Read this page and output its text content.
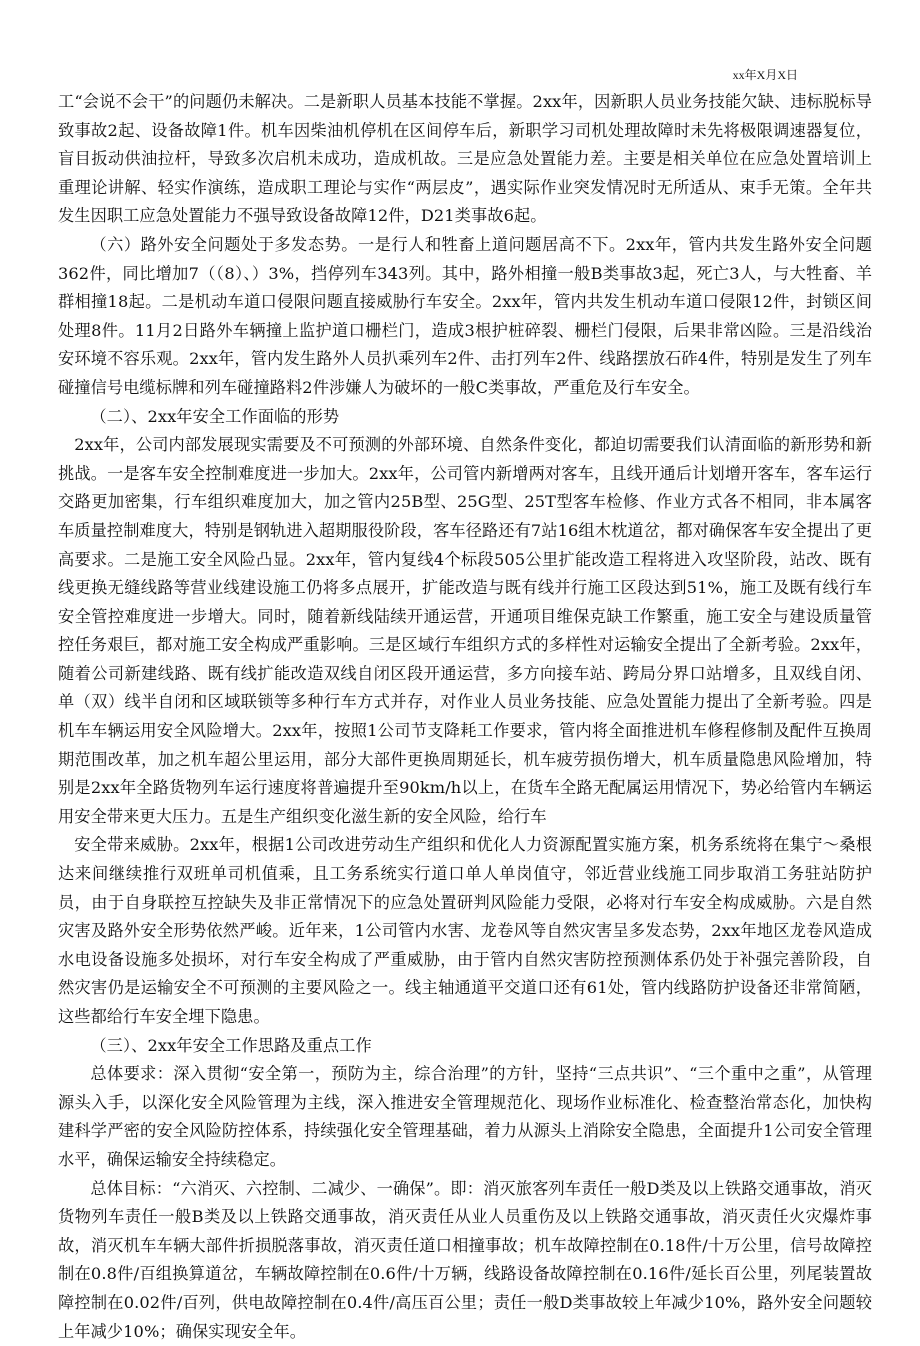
xx年X月X日

工“会说不会干”的问题仍未解决。二是新职人员基本技能不掌握。2xx年，因新职人员业务技能欠缺、违标脱标导致事故2起、设备故障1件。机车因柴油机停机在区间停车后，新职学习司机处理故障时未先将极限调速器复位，盲目扳动供油拉杆，导致多次启机未成功，造成机故。三是应急处置能力差。主要是相关单位在应急处置培训上重理论讲解、轻实作演练，造成职工理论与实作“两层皮”，遇实际作业突发情况时无所适从、束手无策。全年共发生因职工应急处置能力不强导致设备故障12件，D21类事故6起。

（六）路外安全问题处于多发态势。一是行人和牲畜上道问题居高不下。2xx年，管内共发生路外安全问题362件，同比增加7（（8）、）3%，挡停列车343列。其中，路外相撞一般B类事故3起，死亡3人，与大牲畜、羊群相撞18起。二是机动车道口侵限问题直接威胁行车安全。2xx年，管内共发生机动车道口侵限12件，封锁区间处理8件。11月2日路外车辆撞上监护道口栅栏门，造成3根护桩碎裂、栅栏门侵限，后果非常凶险。三是沿线治安环境不容乐观。2xx年，管内发生路外人员扒乘列车2件、击打列车2件、线路摆放石砟4件，特别是发生了列车碰撞信号电缆标牌和列车碰撞路料2件涉嫌人为破坏的一般C类事故，严重危及行车安全。

（二）、2xx年安全工作面临的形势

2xx年，公司内部发展现实需要及不可预测的外部环境、自然条件变化，都迫切需要我们认清面临的新形势和新挑战。一是客车安全控制难度进一步加大。2xx年，公司管内新增两对客车，且线开通后计划增开客车，客车运行交路更加密集，行车组织难度加大，加之管内25B型、25G型、25T型客车检修、作业方式各不相同，非本属客车质量控制难度大，特别是钢轨进入超期服役阶段，客车径路还有7站16组木枕道岔，都对确保客车安全提出了更高要求。二是施工安全风险凸显。2xx年，管内复线4个标段505公里扩能改造工程将进入攻坚阶段，站改、既有线更换无缝线路等营业线建设施工仍将多点展开，扩能改造与既有线并行施工区段达到51%，施工及既有线行车安全管控难度进一步增大。同时，随着新线陆续开通运营，开通项目维保克缺工作繁重，施工安全与建设质量管控任务艰巨，都对施工安全构成严重影响。三是区域行车组织方式的多样性对运输安全提出了全新考验。2xx年，随着公司新建线路、既有线扩能改造双线自闭区段开通运营，多方向接车站、跨局分界口站增多，且双线自闭、单（双）线半自闭和区域联锁等多种行车方式并存，对作业人员业务技能、应急处置能力提出了全新考验。四是机车车辆运用安全风险增大。2xx年，按照1公司节支降耗工作要求，管内将全面推进机车修程修制及配件互换周期范围改革，加之机车超公里运用，部分大部件更换周期延长，机车疲劳损伤增大，机车质量隐患风险增加，特别是2xx年全路货物列车运行速度将普遍提升至90km/h以上，在货车全路无配属运用情况下，势必给管内车辆运用安全带来更大压力。五是生产组织变化滋生新的安全风险，给行车

安全带来威胁。2xx年，根据1公司改进劳动生产组织和优化人力资源配置实施方案，机务系统将在集宁～桑根达来间继续推行双班单司机值乘，且工务系统实行道口单人单岗值守，邻近营业线施工同步取消工务驻站防护员，由于自身联控互控缺失及非正常情况下的应急处置研判风险能力受限，必将对行车安全构成威胁。六是自然灾害及路外安全形势依然严峻。近年来，1公司管内水害、龙卷风等自然灾害呈多发态势，2xx年地区龙卷风造成水电设备设施多处损坏，对行车安全构成了严重威胁，由于管内自然灾害防控预测体系仍处于补强完善阶段，自然灾害仍是运输安全不可预测的主要风险之一。线主轴通道平交道口还有61处，管内线路防护设备还非常简陋，这些都给行车安全埋下隐患。

（三）、2xx年安全工作思路及重点工作

总体要求：深入贯彻“安全第一，预防为主，综合治理”的方针，坚持“三点共识”、“三个重中之重”，从管理源头入手，以深化安全风险管理为主线，深入推进安全管理规范化、现场作业标准化、检查整治常态化，加快构建科学严密的安全风险防控体系，持续强化安全管理基础，着力从源头上消除安全隐患，全面提升1公司安全管理水平，确保运输安全持续稳定。

总体目标：“六消灭、六控制、二减少、一确保”。即：消灭旅客列车责任一般D类及以上铁路交通事故，消灭货物列车责任一般B类及以上铁路交通事故，消灭责任从业人员重伤及以上铁路交通事故，消灭责任火灾爆炸事故，消灭机车车辆大部件折损脱落事故，消灭责任道口相撞事故；机车故障控制在0.18件/十万公里，信号故障控制在0.8件/百组换算道岔，车辆故障控制在0.6件/十万辆，线路设备故障控制在0.16件/延长百公里，列尾装置故障控制在0.02件/百列，供电故障控制在0.4件/高压百公里；责任一般D类事故较上年减少10%，路外安全问题较上年减少10%；确保实现安全年。
